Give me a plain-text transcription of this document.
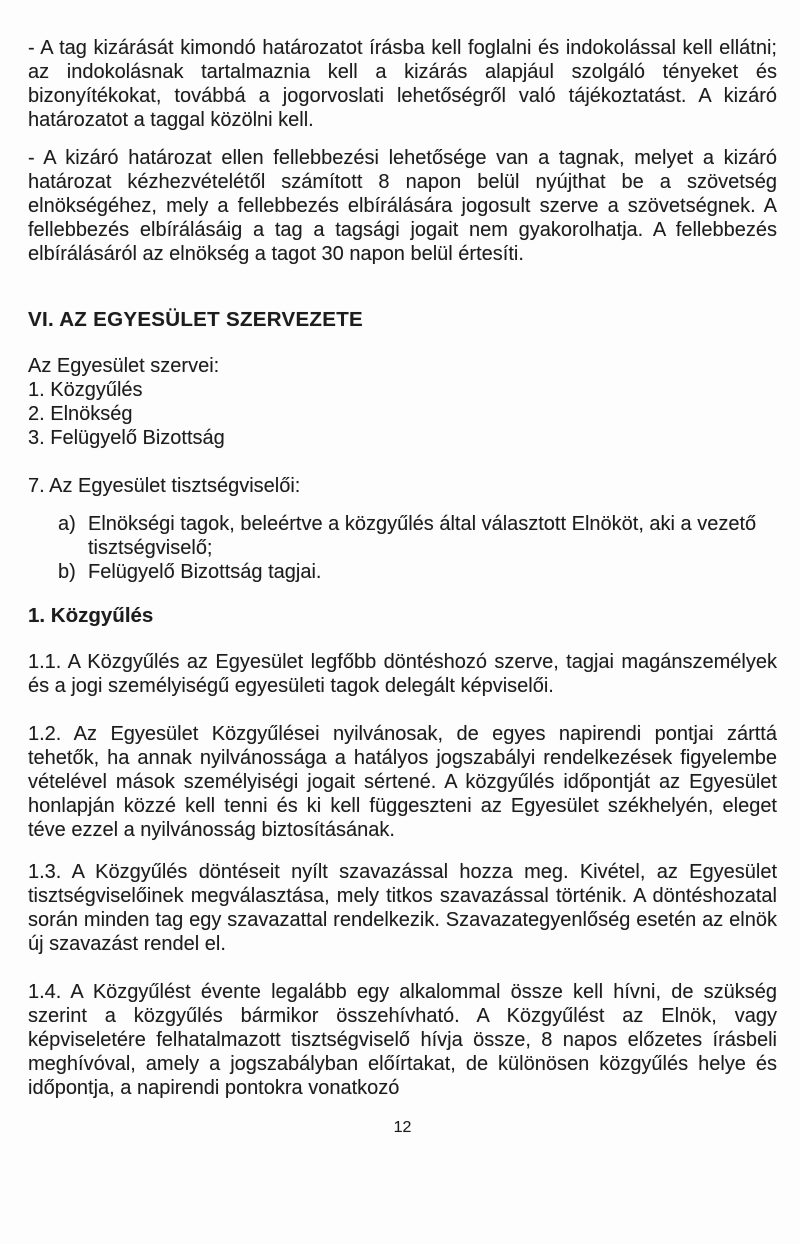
- A tag kizárását kimondó határozatot írásba kell foglalni és indokolással kell ellátni; az indokolásnak tartalmaznia kell a kizárás alapjául szolgáló tényeket és bizonyítékokat, továbbá a jogorvoslati lehetőségről való tájékoztatást. A kizáró határozatot a taggal közölni kell.

- A kizáró határozat ellen fellebbezési lehetősége van a tagnak, melyet a kizáró határozat kézhezvételétől számított 8 napon belül nyújthat be a szövetség elnökségéhez, mely a fellebbezés elbírálására jogosult szerve a szövetségnek. A fellebbezés elbírálásáig a tag a tagsági jogait nem gyakorolhatja. A fellebbezés elbírálásáról az elnökség a tagot 30 napon belül értesíti.

VI. AZ EGYESÜLET SZERVEZETE

Az Egyesület szervei:

1. Közgyűlés
2. Elnökség
3. Felügyelő Bizottság

7. Az Egyesület tisztségviselői:

a) Elnökségi tagok, beleértve a közgyűlés által választott Elnököt, aki a vezető tisztségviselő;
b) Felügyelő Bizottság tagjai.
1. Közgyűlés

1.1. A Közgyűlés az Egyesület legfőbb döntéshozó szerve, tagjai magánszemélyek és a jogi személyiségű egyesületi tagok delegált képviselői.

1.2. Az Egyesület Közgyűlései nyilvánosak, de egyes napirendi pontjai zárttá tehetők, ha annak nyilvánossága a hatályos jogszabályi rendelkezések figyelembe vételével mások személyiségi jogait sértené. A közgyűlés időpontját az Egyesület honlapján közzé kell tenni és ki kell függeszteni az Egyesület székhelyén, eleget téve ezzel a nyilvánosság biztosításának.

1.3. A Közgyűlés döntéseit nyílt szavazással hozza meg. Kivétel, az Egyesület tisztségviselőinek megválasztása, mely titkos szavazással történik. A döntéshozatal során minden tag egy szavazattal rendelkezik. Szavazategyenlőség esetén az elnök új szavazást rendel el.

1.4. A Közgyűlést évente legalább egy alkalommal össze kell hívni, de szükség szerint a közgyűlés bármikor összehívható. A Közgyűlést az Elnök, vagy képviseletére felhatalmazott tisztségviselő hívja össze, 8 napos előzetes írásbeli meghívóval, amely a jogszabályban előírtakat, de különösen közgyűlés helye és időpontja, a napirendi pontokra vonatkozó

12
